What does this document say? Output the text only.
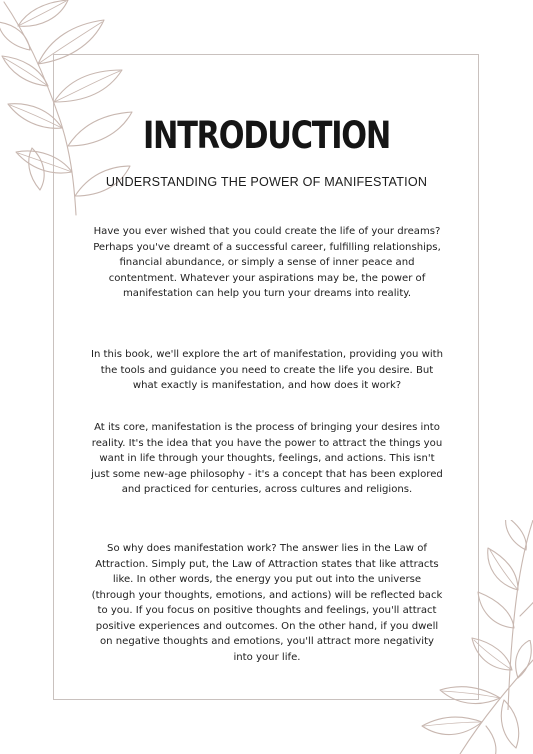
INTRODUCTION

UNDERSTANDING THE POWER OF MANIFESTATION

Have you ever wished that you could create the life of your dreams? Perhaps you've dreamt of a successful career, fulfilling relationships, financial abundance, or simply a sense of inner peace and contentment. Whatever your aspirations may be, the power of manifestation can help you turn your dreams into reality.

In this book, we'll explore the art of manifestation, providing you with the tools and guidance you need to create the life you desire. But what exactly is manifestation, and how does it work?

At its core, manifestation is the process of bringing your desires into reality. It's the idea that you have the power to attract the things you want in life through your thoughts, feelings, and actions. This isn't just some new-age philosophy - it's a concept that has been explored and practiced for centuries, across cultures and religions.

So why does manifestation work? The answer lies in the Law of Attraction. Simply put, the Law of Attraction states that like attracts like. In other words, the energy you put out into the universe (through your thoughts, emotions, and actions) will be reflected back to you. If you focus on positive thoughts and feelings, you'll attract positive experiences and outcomes. On the other hand, if you dwell on negative thoughts and emotions, you'll attract more negativity into your life.
